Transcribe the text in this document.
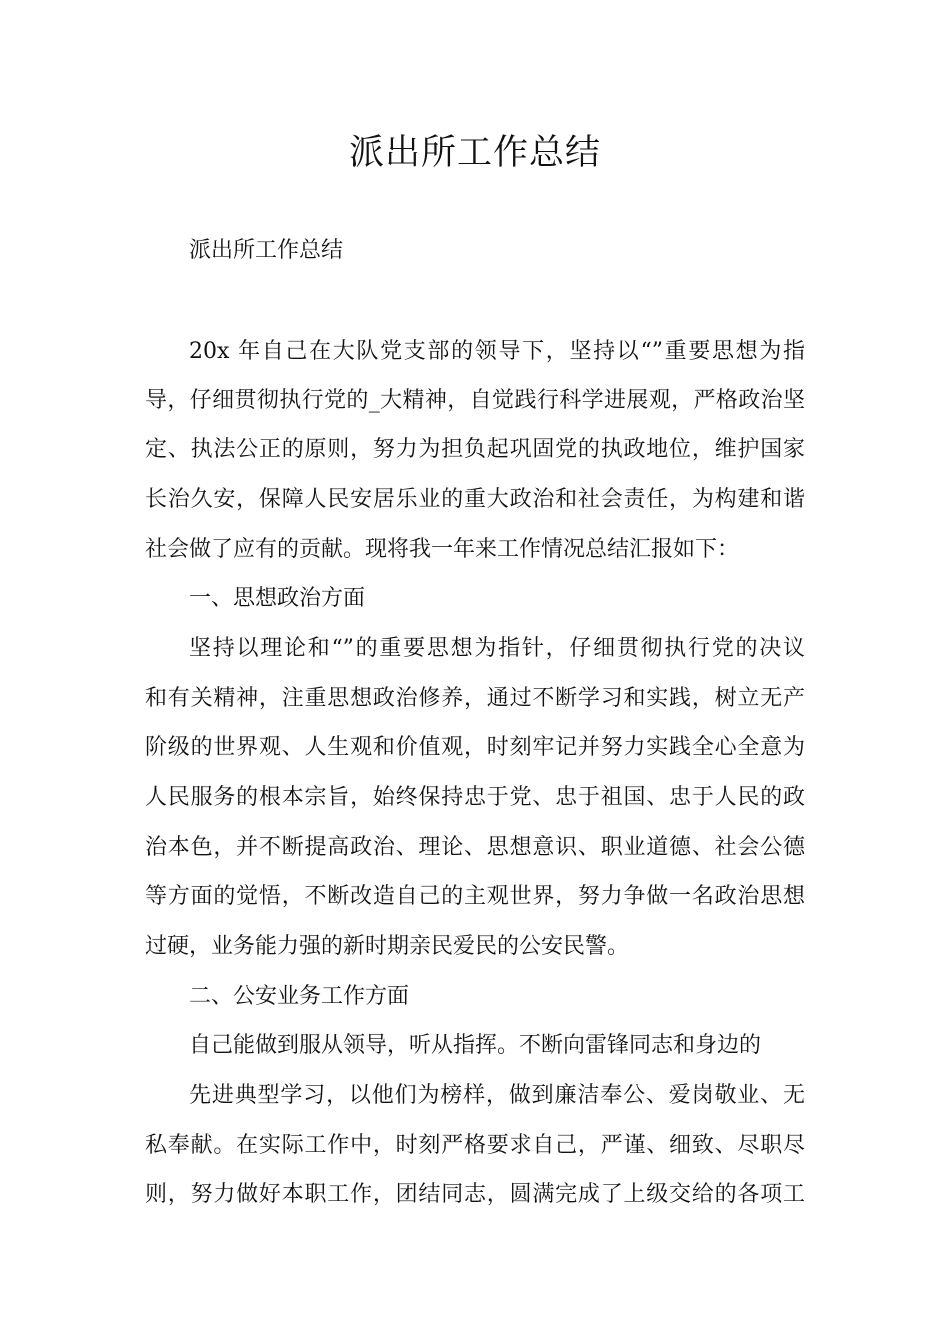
派出所工作总结

派出所工作总结

20x 年自己在大队党支部的领导下，坚持以“”重要思想为指

导，仔细贯彻执行党的_大精神，自觉践行科学进展观，严格政治坚

定、执法公正的原则，努力为担负起巩固党的执政地位，维护国家

长治久安，保障人民安居乐业的重大政治和社会责任，为构建和谐

社会做了应有的贡献。现将我一年来工作情况总结汇报如下：

一、思想政治方面

坚持以理论和“”的重要思想为指针，仔细贯彻执行党的决议

和有关精神，注重思想政治修养，通过不断学习和实践，树立无产

阶级的世界观、人生观和价值观，时刻牢记并努力实践全心全意为

人民服务的根本宗旨，始终保持忠于党、忠于祖国、忠于人民的政

治本色，并不断提高政治、理论、思想意识、职业道德、社会公德

等方面的觉悟，不断改造自己的主观世界，努力争做一名政治思想

过硬，业务能力强的新时期亲民爱民的公安民警。

二、公安业务工作方面

自己能做到服从领导，听从指挥。不断向雷锋同志和身边的

先进典型学习，以他们为榜样，做到廉洁奉公、爱岗敬业、无

私奉献。在实际工作中，时刻严格要求自己，严谨、细致、尽职尽

则，努力做好本职工作，团结同志，圆满完成了上级交给的各项工
